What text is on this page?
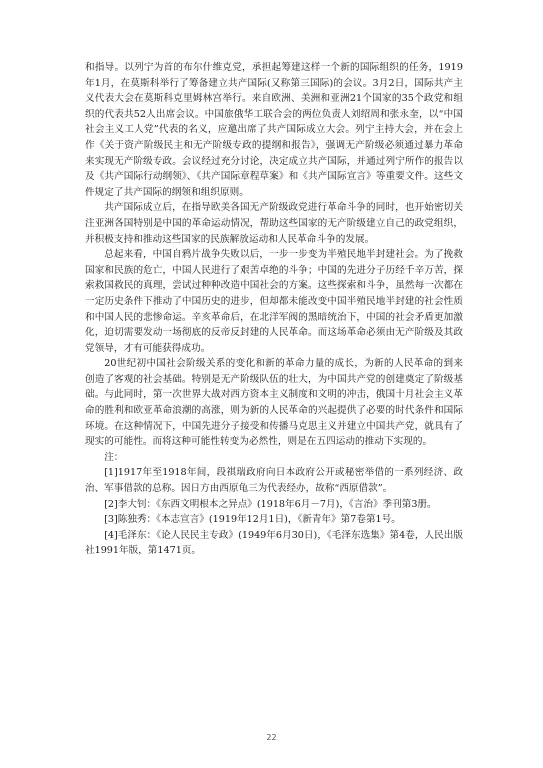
和指导。以列宁为首的布尔什维克党，承担起筹建这样一个新的国际组织的任务，1919年1月，在莫斯科举行了筹备建立共产国际(又称第三国际)的会议。3月2日，国际共产主义代表大会在莫斯科克里姆林宫举行。来自欧洲、美洲和亚洲21个国家的35个政党和组织的代表共52人出席会议。中国旅俄华工联合会的两位负责人刘绍周和张永奎，以“中国社会主义工人党”代表的名义，应邀出席了共产国际成立大会。列宁主持大会，并在会上作《关于资产阶级民主和无产阶级专政的提纲和报告》，强调无产阶级必须通过暴力革命来实现无产阶级专政。会议经过充分讨论，决定成立共产国际，并通过列宁所作的报告以及《共产国际行动纲领》、《共产国际章程草案》和《共产国际宣言》等重要文件。这些文件规定了共产国际的纲领和组织原则。

共产国际成立后，在指导欧美各国无产阶级政党进行革命斗争的同时，也开始密切关注亚洲各国特别是中国的革命运动情况，帮助这些国家的无产阶级建立自己的政党组织，并积极支持和推动这些国家的民族解放运动和人民革命斗争的发展。

总起来看，中国自鸦片战争失败以后，一步一步变为半殖民地半封建社会。为了挽救国家和民族的危亡，中国人民进行了艰苦卓绝的斗争；中国的先进分子历经千辛万苦，探索救国救民的真理，尝试过种种改造中国社会的方案。这些探索和斗争，虽然每一次都在一定历史条件下推动了中国历史的进步，但却都未能改变中国半殖民地半封建的社会性质和中国人民的悲惨命运。辛亥革命后，在北洋军阀的黑暗统治下，中国的社会矛盾更加激化，迫切需要发动一场彻底的反帝反封建的人民革命。而这场革命必须由无产阶级及其政党领导，才有可能获得成功。

20世纪初中国社会阶级关系的变化和新的革命力量的成长，为新的人民革命的到来创造了客观的社会基础。特别是无产阶级队伍的壮大，为中国共产党的创建奠定了阶级基础。与此同时，第一次世界大战对西方资本主义制度和文明的冲击，俄国十月社会主义革命的胜利和欧亚革命浪潮的高涨，则为新的人民革命的兴起提供了必要的时代条件和国际环境。在这种情况下，中国先进分子接受和传播马克思主义并建立中国共产党，就具有了现实的可能性。而将这种可能性转变为必然性，则是在五四运动的推动下实现的。

注：

[1]1917年至1918年间，段祺瑞政府向日本政府公开或秘密举借的一系列经济、政治、军事借款的总称。因日方由西原龟三为代表经办，故称“西原借款”。

[2]李大钊：《东西文明根本之异点》(1918年6月－7月)，《言治》季刊第3册。

[3]陈独秀：《本志宣言》(1919年12月1日)，《新青年》第7卷第1号。

[4]毛泽东：《论人民民主专政》(1949年6月30日)，《毛泽东选集》第4卷，人民出版社1991年版，第1471页。

22
